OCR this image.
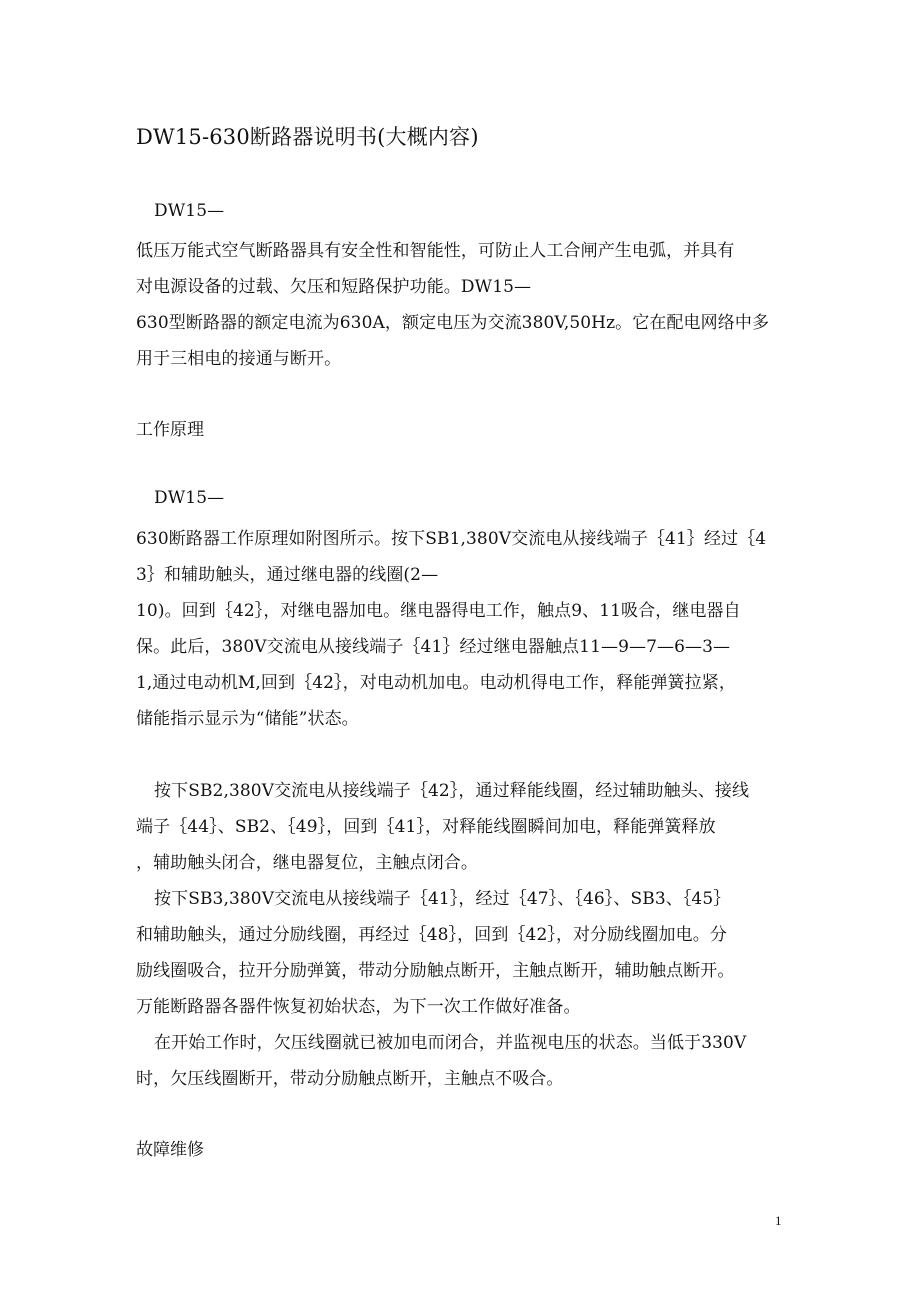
DW15-630断路器说明书(大概内容)
DW15—
低压万能式空气断路器具有安全性和智能性，可防止人工合闸产生电弧，并具有
对电源设备的过载、欠压和短路保护功能。DW15—
630型断路器的额定电流为630A，额定电压为交流380V,50Hz。它在配电网络中多
用于三相电的接通与断开。
工作原理
DW15—
630断路器工作原理如附图所示。按下SB1,380V交流电从接线端子｛41｝经过｛4
3｝和辅助触头，通过继电器的线圈(2—
10)。回到｛42｝，对继电器加电。继电器得电工作，触点9、11吸合，继电器自
保。此后，380V交流电从接线端子｛41｝经过继电器触点11—9—7—6—3—
1,通过电动机M,回到｛42｝，对电动机加电。电动机得电工作，释能弹簧拉紧，
储能指示显示为“储能”状态。
按下SB2,380V交流电从接线端子｛42｝，通过释能线圈，经过辅助触头、接线
端子｛44｝、SB2、｛49｝，回到｛41｝，对释能线圈瞬间加电，释能弹簧释放
，辅助触头闭合，继电器复位，主触点闭合。
按下SB3,380V交流电从接线端子｛41｝，经过｛47｝、｛46｝、SB3、｛45｝
和辅助触头，通过分励线圈，再经过｛48｝，回到｛42｝，对分励线圈加电。分
励线圈吸合，拉开分励弹簧，带动分励触点断开，主触点断开，辅助触点断开。
万能断路器各器件恢复初始状态，为下一次工作做好准备。
在开始工作时，欠压线圈就已被加电而闭合，并监视电压的状态。当低于330V
时，欠压线圈断开，带动分励触点断开，主触点不吸合。
故障维修
1
